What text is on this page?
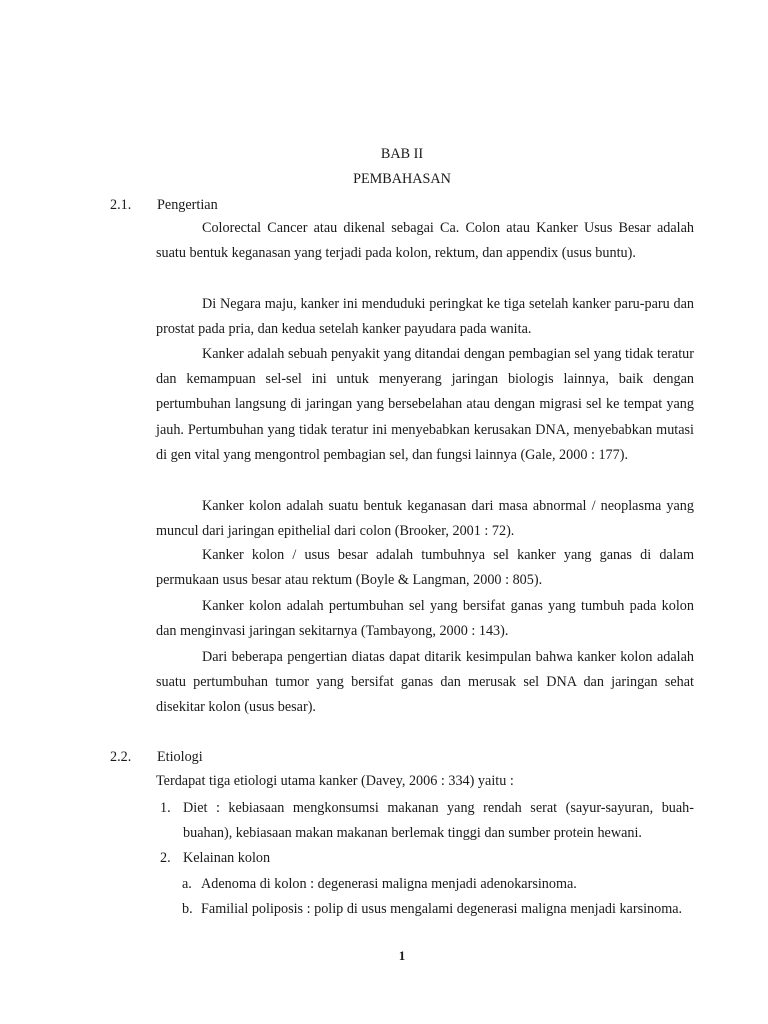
BAB II
PEMBAHASAN
2.1. Pengertian

Colorectal Cancer atau dikenal sebagai Ca. Colon atau Kanker Usus Besar adalah suatu bentuk keganasan yang terjadi pada kolon, rektum, dan appendix (usus buntu).

Di Negara maju, kanker ini menduduki peringkat ke tiga setelah kanker paru-paru dan prostat pada pria, dan kedua setelah kanker payudara pada wanita.

Kanker adalah sebuah penyakit yang ditandai dengan pembagian sel yang tidak teratur dan kemampuan sel-sel ini untuk menyerang jaringan biologis lainnya, baik dengan pertumbuhan langsung di jaringan yang bersebelahan atau dengan migrasi sel ke tempat yang jauh. Pertumbuhan yang tidak teratur ini menyebabkan kerusakan DNA, menyebabkan mutasi di gen vital yang mengontrol pembagian sel, dan fungsi lainnya (Gale, 2000 : 177).

Kanker kolon adalah suatu bentuk keganasan dari masa abnormal / neoplasma yang muncul dari jaringan epithelial dari colon (Brooker, 2001 : 72).

Kanker kolon / usus besar adalah tumbuhnya sel kanker yang ganas di dalam permukaan usus besar atau rektum (Boyle & Langman, 2000 : 805).

Kanker kolon adalah pertumbuhan sel yang bersifat ganas yang tumbuh pada kolon dan menginvasi jaringan sekitarnya (Tambayong, 2000 : 143).

Dari beberapa pengertian diatas dapat ditarik kesimpulan bahwa kanker kolon adalah suatu pertumbuhan tumor yang bersifat ganas dan merusak sel DNA dan jaringan sehat disekitar kolon (usus besar).

2.2. Etiologi

Terdapat tiga etiologi utama kanker (Davey, 2006 : 334) yaitu :

1. Diet : kebiasaan mengkonsumsi makanan yang rendah serat (sayur-sayuran, buah-buahan), kebiasaan makan makanan berlemak tinggi dan sumber protein hewani.

2. Kelainan kolon

a. Adenoma di kolon : degenerasi maligna menjadi adenokarsinoma.

b. Familial poliposis : polip di usus mengalami degenerasi maligna menjadi karsinoma.

1
